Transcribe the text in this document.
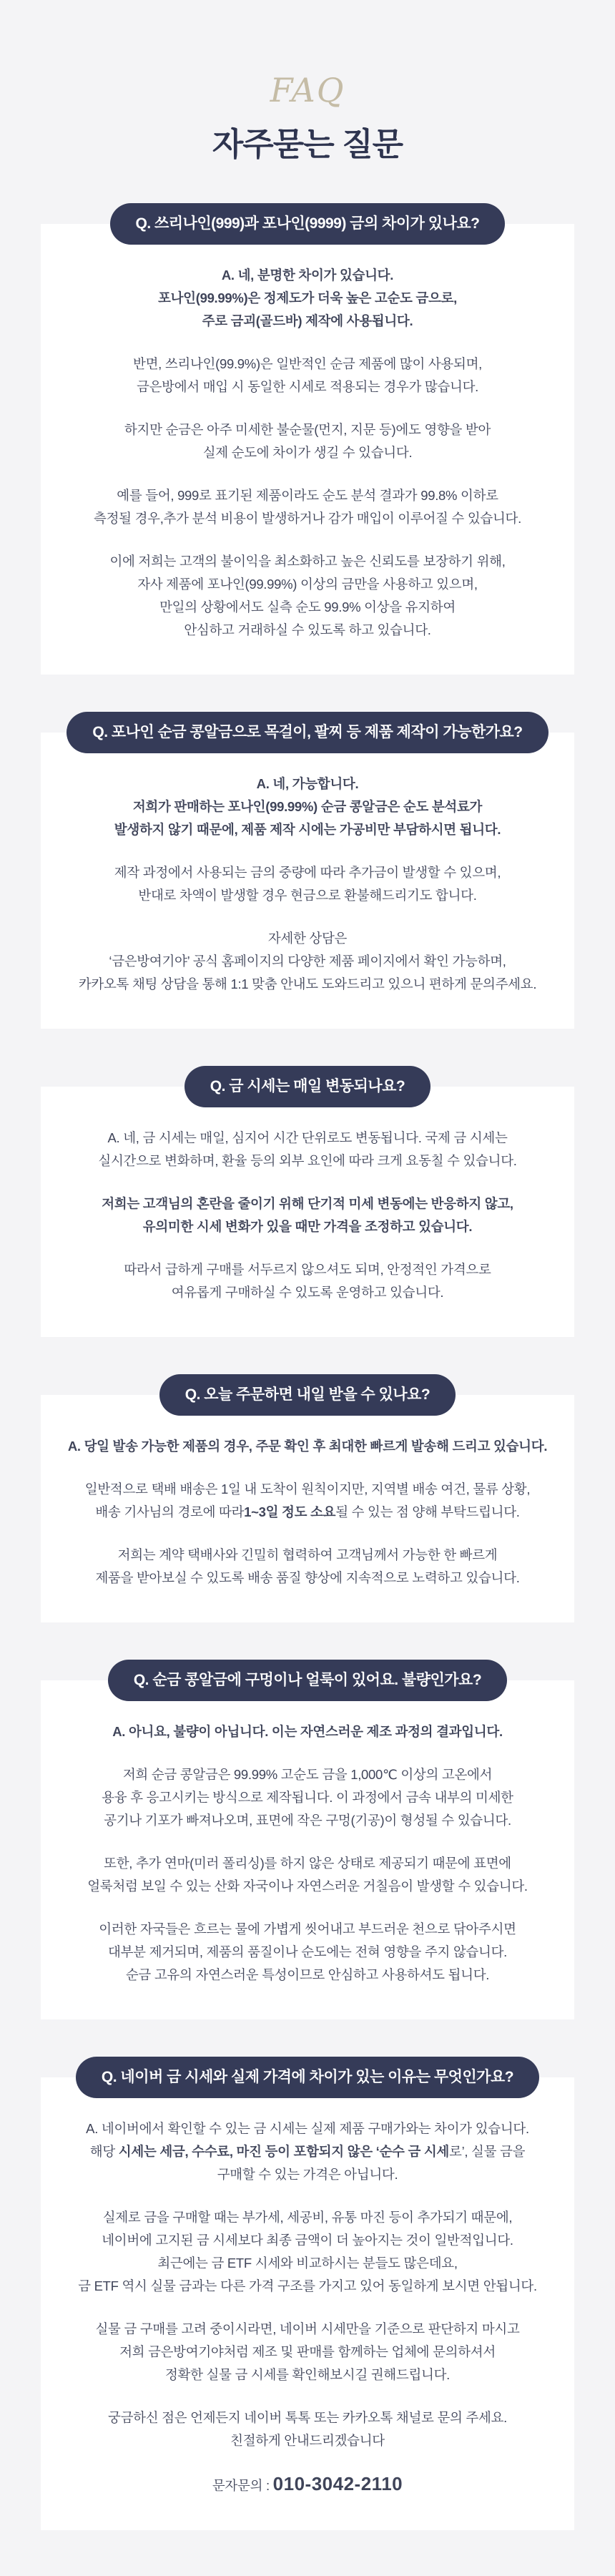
FAQ
자주묻는 질문
Q. 쓰리나인(999)과 포나인(9999) 금의 차이가 있나요?

A. 네, 분명한 차이가 있습니다.
포나인(99.99%)은 정제도가 더욱 높은 고순도 금으로,
주로 금괴(골드바) 제작에 사용됩니다.

반면, 쓰리나인(99.9%)은 일반적인 순금 제품에 많이 사용되며,
금은방에서 매입 시 동일한 시세로 적용되는 경우가 많습니다.

하지만 순금은 아주 미세한 불순물(먼지, 지문 등)에도 영향을 받아
실제 순도에 차이가 생길 수 있습니다.

예를 들어, 999로 표기된 제품이라도 순도 분석 결과가 99.8% 이하로
측정될 경우,추가 분석 비용이 발생하거나 감가 매입이 이루어질 수 있습니다.

이에 저희는 고객의 불이익을 최소화하고 높은 신뢰도를 보장하기 위해,
자사 제품에 포나인(99.99%) 이상의 금만을 사용하고 있으며,
만일의 상황에서도 실측 순도 99.9% 이상을 유지하여
안심하고 거래하실 수 있도록 하고 있습니다.

Q. 포나인 순금 콩알금으로 목걸이, 팔찌 등 제품 제작이 가능한가요?

A. 네, 가능합니다.
저희가 판매하는 포나인(99.99%) 순금 콩알금은 순도 분석료가
발생하지 않기 때문에, 제품 제작 시에는 가공비만 부담하시면 됩니다.

제작 과정에서 사용되는 금의 중량에 따라 추가금이 발생할 수 있으며,
반대로 차액이 발생할 경우 현금으로 환불해드리기도 합니다.

자세한 상담은
‘금은방여기야’ 공식 홈페이지의 다양한 제품 페이지에서 확인 가능하며,
카카오톡 채팅 상담을 통해 1:1 맞춤 안내도 도와드리고 있으니 편하게 문의주세요.

Q. 금 시세는 매일 변동되나요?

A. 네, 금 시세는 매일, 심지어 시간 단위로도 변동됩니다. 국제 금 시세는
실시간으로 변화하며, 환율 등의 외부 요인에 따라 크게 요동칠 수 있습니다.

저희는 고객님의 혼란을 줄이기 위해 단기적 미세 변동에는 반응하지 않고,
유의미한 시세 변화가 있을 때만 가격을 조정하고 있습니다.

따라서 급하게 구매를 서두르지 않으셔도 되며, 안정적인 가격으로
여유롭게 구매하실 수 있도록 운영하고 있습니다.

Q. 오늘 주문하면 내일 받을 수 있나요?

A. 당일 발송 가능한 제품의 경우, 주문 확인 후 최대한 빠르게 발송해 드리고 있습니다.

일반적으로 택배 배송은 1일 내 도착이 원칙이지만, 지역별 배송 여건, 물류 상황,
배송 기사님의 경로에 따라1~3일 정도 소요될 수 있는 점 양해 부탁드립니다.

저희는 계약 택배사와 긴밀히 협력하여 고객님께서 가능한 한 빠르게
제품을 받아보실 수 있도록 배송 품질 향상에 지속적으로 노력하고 있습니다.

Q. 순금 콩알금에 구멍이나 얼룩이 있어요. 불량인가요?

A. 아니요, 불량이 아닙니다. 이는 자연스러운 제조 과정의 결과입니다.

저희 순금 콩알금은 99.99% 고순도 금을 1,000℃ 이상의 고온에서
용융 후 응고시키는 방식으로 제작됩니다. 이 과정에서 금속 내부의 미세한
공기나 기포가 빠져나오며, 표면에 작은 구멍(기공)이 형성될 수 있습니다.

또한, 추가 연마(미러 폴리싱)를 하지 않은 상태로 제공되기 때문에 표면에
얼룩처럼 보일 수 있는 산화 자국이나 자연스러운 거칠음이 발생할 수 있습니다.

이러한 자국들은 흐르는 물에 가볍게 씻어내고 부드러운 천으로 닦아주시면
대부분 제거되며, 제품의 품질이나 순도에는 전혀 영향을 주지 않습니다.
순금 고유의 자연스러운 특성이므로 안심하고 사용하셔도 됩니다.

Q. 네이버 금 시세와 실제 가격에 차이가 있는 이유는 무엇인가요?

A. 네이버에서 확인할 수 있는 금 시세는 실제 제품 구매가와는 차이가 있습니다.
해당 시세는 세금, 수수료, 마진 등이 포함되지 않은 ‘순수 금 시세로’, 실물 금을
구매할 수 있는 가격은 아닙니다.

실제로 금을 구매할 때는 부가세, 세공비, 유통 마진 등이 추가되기 때문에,
네이버에 고지된 금 시세보다 최종 금액이 더 높아지는 것이 일반적입니다.
최근에는 금 ETF 시세와 비교하시는 분들도 많은데요,
금 ETF 역시 실물 금과는 다른 가격 구조를 가지고 있어 동일하게 보시면 안됩니다.

실물 금 구매를 고려 중이시라면, 네이버 시세만을 기준으로 판단하지 마시고
저희 금은방여기야처럼 제조 및 판매를 함께하는 업체에 문의하셔서
정확한 실물 금 시세를 확인해보시길 권해드립니다.

궁금하신 점은 언제든지 네이버 톡톡 또는 카카오톡 채널로 문의 주세요.
친절하게 안내드리겠습니다

문자문의 : 010-3042-2110
